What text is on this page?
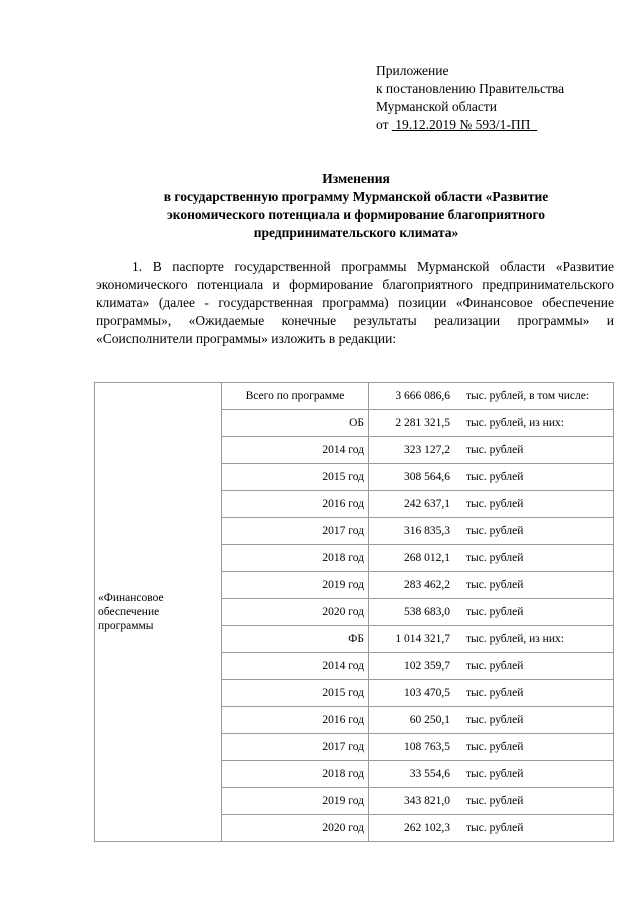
Приложение
к постановлению Правительства
Мурманской области
от 19.12.2019 № 593/1-ПП
Изменения
в государственную программу Мурманской области «Развитие
экономического потенциала и формирование благоприятного
предпринимательского климата»
1. В паспорте государственной программы Мурманской области «Развитие экономического потенциала и формирование благоприятного предпринимательского климата» (далее - государственная программа) позиции «Финансовое обеспечение программы», «Ожидаемые конечные результаты реализации программы» и «Соисполнители программы» изложить в редакции:
«Финансовое
обеспечение
программы	Всего по программе	3 666 086,6	тыс. рублей, в том числе:
	ОБ	2 281 321,5	тыс. рублей, из них:
	2014 год	323 127,2	тыс. рублей
	2015 год	308 564,6	тыс. рублей
	2016 год	242 637,1	тыс. рублей
	2017 год	316 835,3	тыс. рублей
	2018 год	268 012,1	тыс. рублей
	2019 год	283 462,2	тыс. рублей
	2020 год	538 683,0	тыс. рублей
	ФБ	1 014 321,7	тыс. рублей, из них:
	2014 год	102 359,7	тыс. рублей
	2015 год	103 470,5	тыс. рублей
	2016 год	60 250,1	тыс. рублей
	2017 год	108 763,5	тыс. рублей
	2018 год	33 554,6	тыс. рублей
	2019 год	343 821,0	тыс. рублей
	2020 год	262 102,3	тыс. рублей
